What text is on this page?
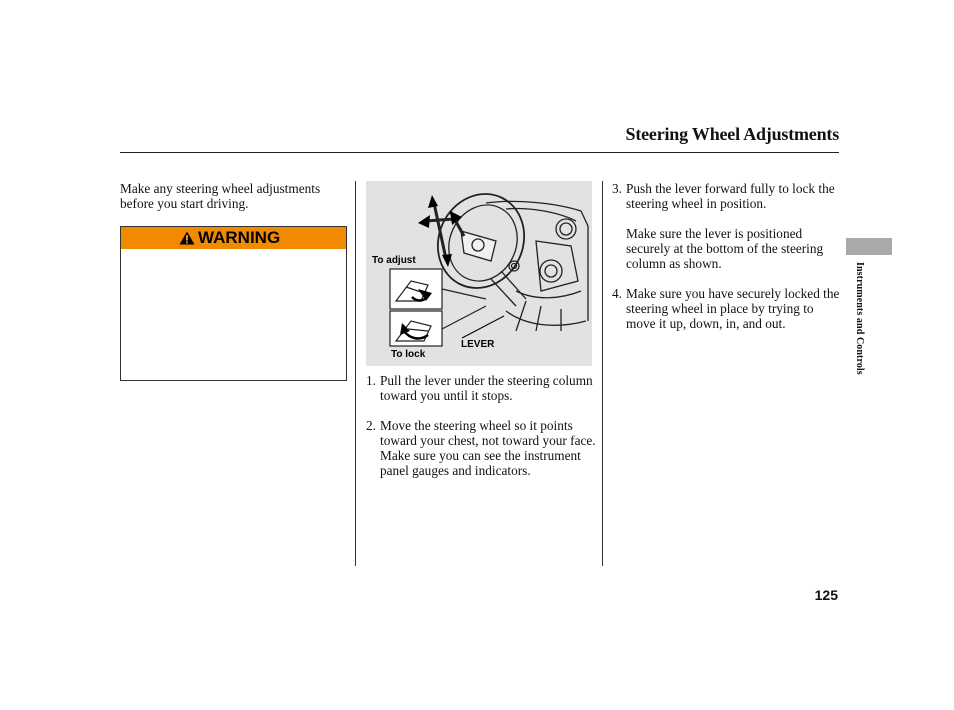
Steering Wheel Adjustments
Make any steering wheel adjustments before you start driving.
WARNING
To adjust
To lock
LEVER
1. Pull the lever under the steering column toward you until it stops.
2. Move the steering wheel so it points toward your chest, not toward your face. Make sure you can see the instrument panel gauges and indicators.
3. Push the lever forward fully to lock the steering wheel in position.
Make sure the lever is positioned securely at the bottom of the steering column as shown.
4. Make sure you have securely locked the steering wheel in place by trying to move it up, down, in, and out.	Instruments and Controls
125
